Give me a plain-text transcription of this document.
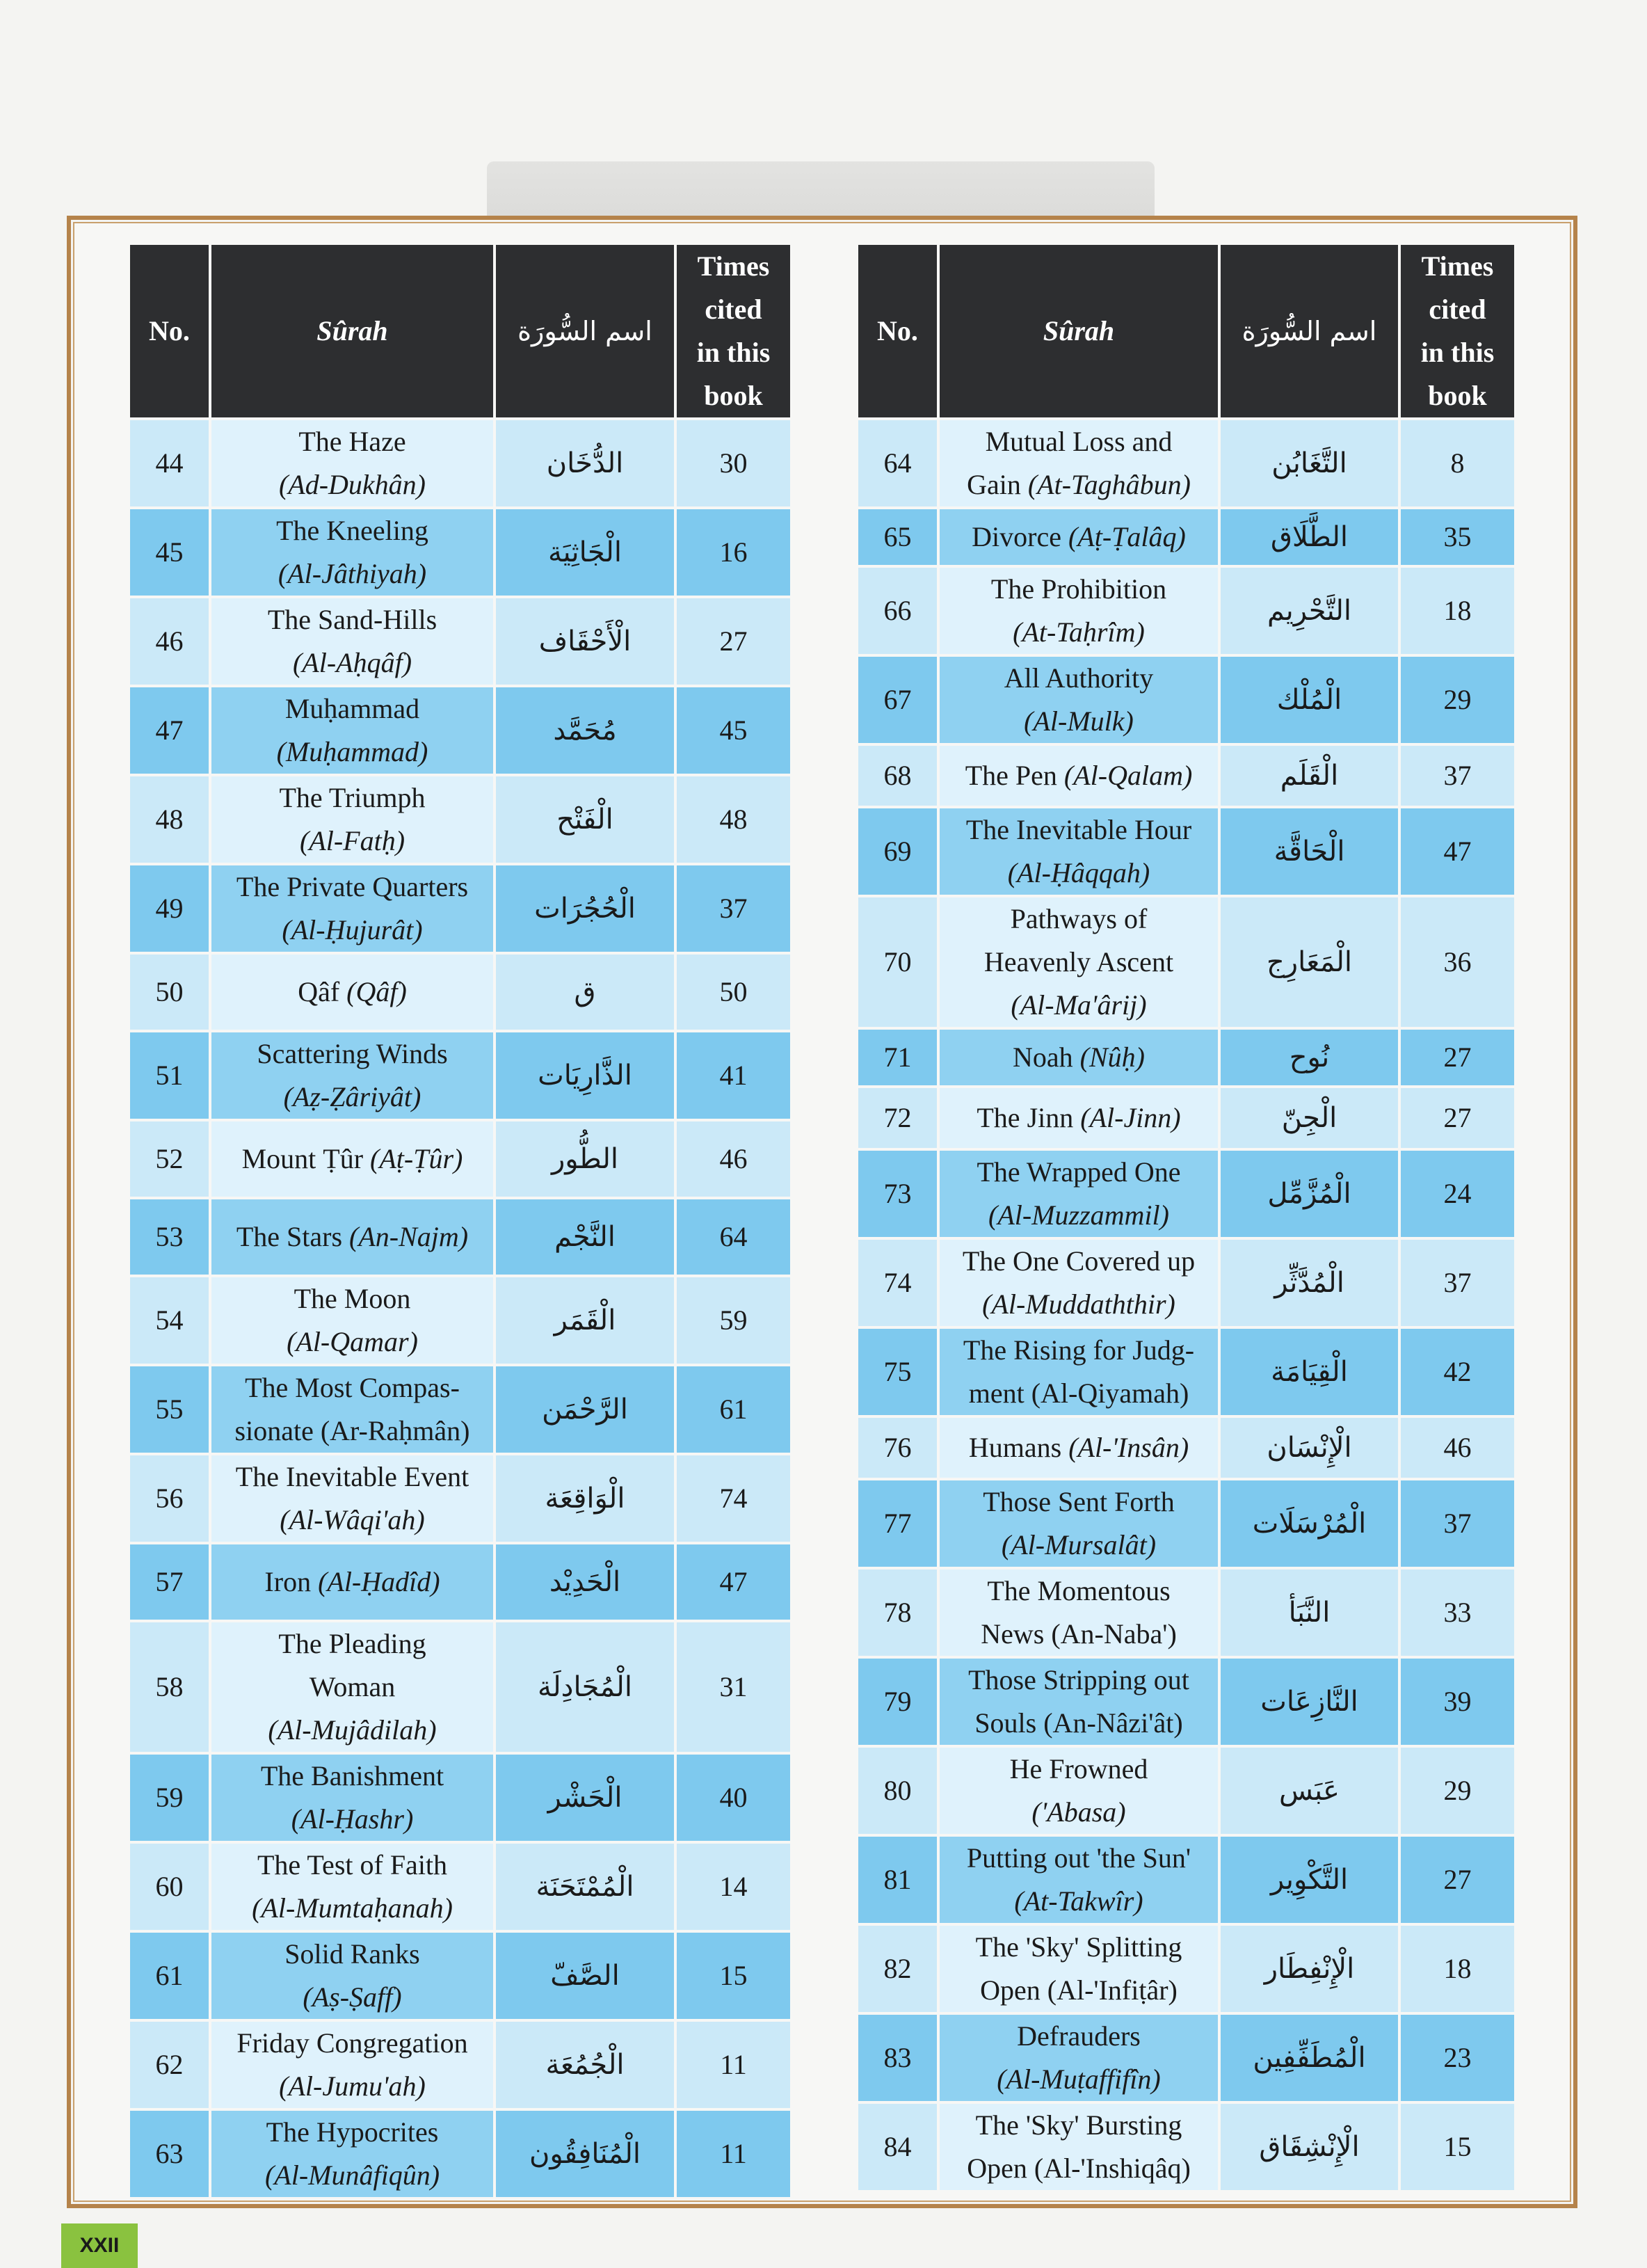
No.	Sûrah	اسم السُّورَة	Times
cited
in this
book
44	The Haze
(Ad-Dukhân)	الدُّخَان	30
45	The Kneeling
(Al-Jâthiyah)	الْجَاثِيَة	16
46	The Sand-Hills
(Al-Aḥqâf)	الْأَحْقَاف	27
47	Muḥammad
(Muḥammad)	مُحَمَّد	45
48	The Triumph
(Al-Fatḥ)	الْفَتْح	48
49	The Private Quarters
(Al-Ḥujurât)	الْحُجُرَات	37
50	Qâf (Qâf)	ق	50
51	Scattering Winds
(Aẓ-Ẓâriyât)	الذَّارِيَات	41
52	Mount Ṭûr (Aṭ-Ṭûr)	الطُّور	46
53	The Stars (An-Najm)	النَّجْم	64
54	The Moon
(Al-Qamar)	الْقَمَر	59
55	The Most Compas-
sionate (Ar-Raḥmân)	الرَّحْمَن	61
56	The Inevitable Event
(Al-Wâqi'ah)	الْوَاقِعَة	74
57	Iron (Al-Ḥadîd)	الْحَدِيْد	47
58	The Pleading
Woman
(Al-Mujâdilah)	الْمُجَادِلَة	31
59	The Banishment
(Al-Ḥashr)	الْحَشْر	40
60	The Test of Faith
(Al-Mumtaḥanah)	الْمُمْتَحَنَة	14
61	Solid Ranks
(Aṣ-Ṣaff)	الصَّفّ	15
62	Friday Congregation
(Al-Jumu'ah)	الْجُمُعَة	11
63	The Hypocrites
(Al-Munâfiqûn)	الْمُنَافِقُون	11
No.	Sûrah	اسم السُّورَة	Times
cited
in this
book
64	Mutual Loss and
Gain (At-Taghâbun)	التَّغَابُن	8
65	Divorce (Aṭ-Ṭalâq)	الطَّلَاق	35
66	The Prohibition
(At-Taḥrîm)	التَّحْرِيم	18
67	All Authority
(Al-Mulk)	الْمُلْك	29
68	The Pen (Al-Qalam)	الْقَلَم	37
69	The Inevitable Hour
(Al-Ḥâqqah)	الْحَاقَّة	47
70	Pathways of
Heavenly Ascent
(Al-Ma'ârij)	الْمَعَارِج	36
71	Noah (Nûḥ)	نُوح	27
72	The Jinn (Al-Jinn)	الْجِنّ	27
73	The Wrapped One
(Al-Muzzammil)	الْمُزَّمِّل	24
74	The One Covered up
(Al-Muddaththir)	الْمُدَّثِّر	37
75	The Rising for Judg-
ment (Al-Qiyamah)	الْقِيَامَة	42
76	Humans (Al-'Insân)	الْإِنْسَان	46
77	Those Sent Forth
(Al-Mursalât)	الْمُرْسَلَات	37
78	The Momentous
News (An-Naba')	النَّبَأ	33
79	Those Stripping out
Souls (An-Nâzi'ât)	النَّازِعَات	39
80	He Frowned
('Abasa)	عَبَس	29
81	Putting out 'the Sun'
(At-Takwîr)	التَّكْوِير	27
82	The 'Sky' Splitting
Open (Al-'Infiṭâr)	الْإِنْفِطَار	18
83	Defrauders
(Al-Muṭaffifîn)	الْمُطَفِّفِين	23
84	The 'Sky' Bursting
Open (Al-'Inshiqâq)	الْإِنْشِقَاق	15
XXII
